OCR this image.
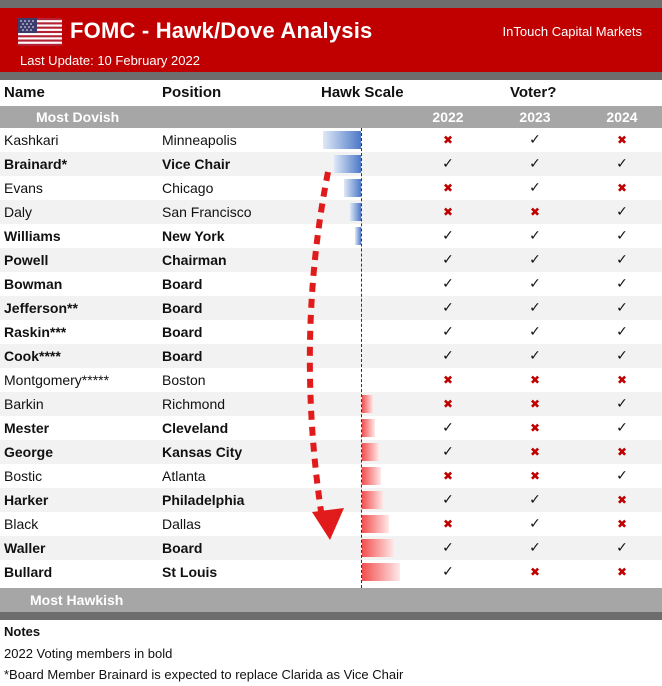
FOMC - Hawk/Dove Analysis	InTouch Capital Markets
Last Update: 10 February 2022
Name	Position	Hawk Scale	Voter?
Most Dovish	2022	2023	2024
Kashkari	Minneapolis	✖	✓	✖
Brainard*	Vice Chair	✓	✓	✓
Evans	Chicago	✖	✓	✖
Daly	San Francisco	✖	✖	✓
Williams	New York	✓	✓	✓
Powell	Chairman	✓	✓	✓
Bowman	Board	✓	✓	✓
Jefferson**	Board	✓	✓	✓
Raskin***	Board	✓	✓	✓
Cook****	Board	✓	✓	✓
Montgomery*****	Boston	✖	✖	✖
Barkin	Richmond	✖	✖	✓
Mester	Cleveland	✓	✖	✓
George	Kansas City	✓	✖	✖
Bostic	Atlanta	✖	✖	✓
Harker	Philadelphia	✓	✓	✖
Black	Dallas	✖	✓	✖
Waller	Board	✓	✓	✓
Bullard	St Louis	✓	✖	✖
Most Hawkish
Notes
2022 Voting members in bold
*Board Member Brainard is expected to replace Clarida as Vice Chair
